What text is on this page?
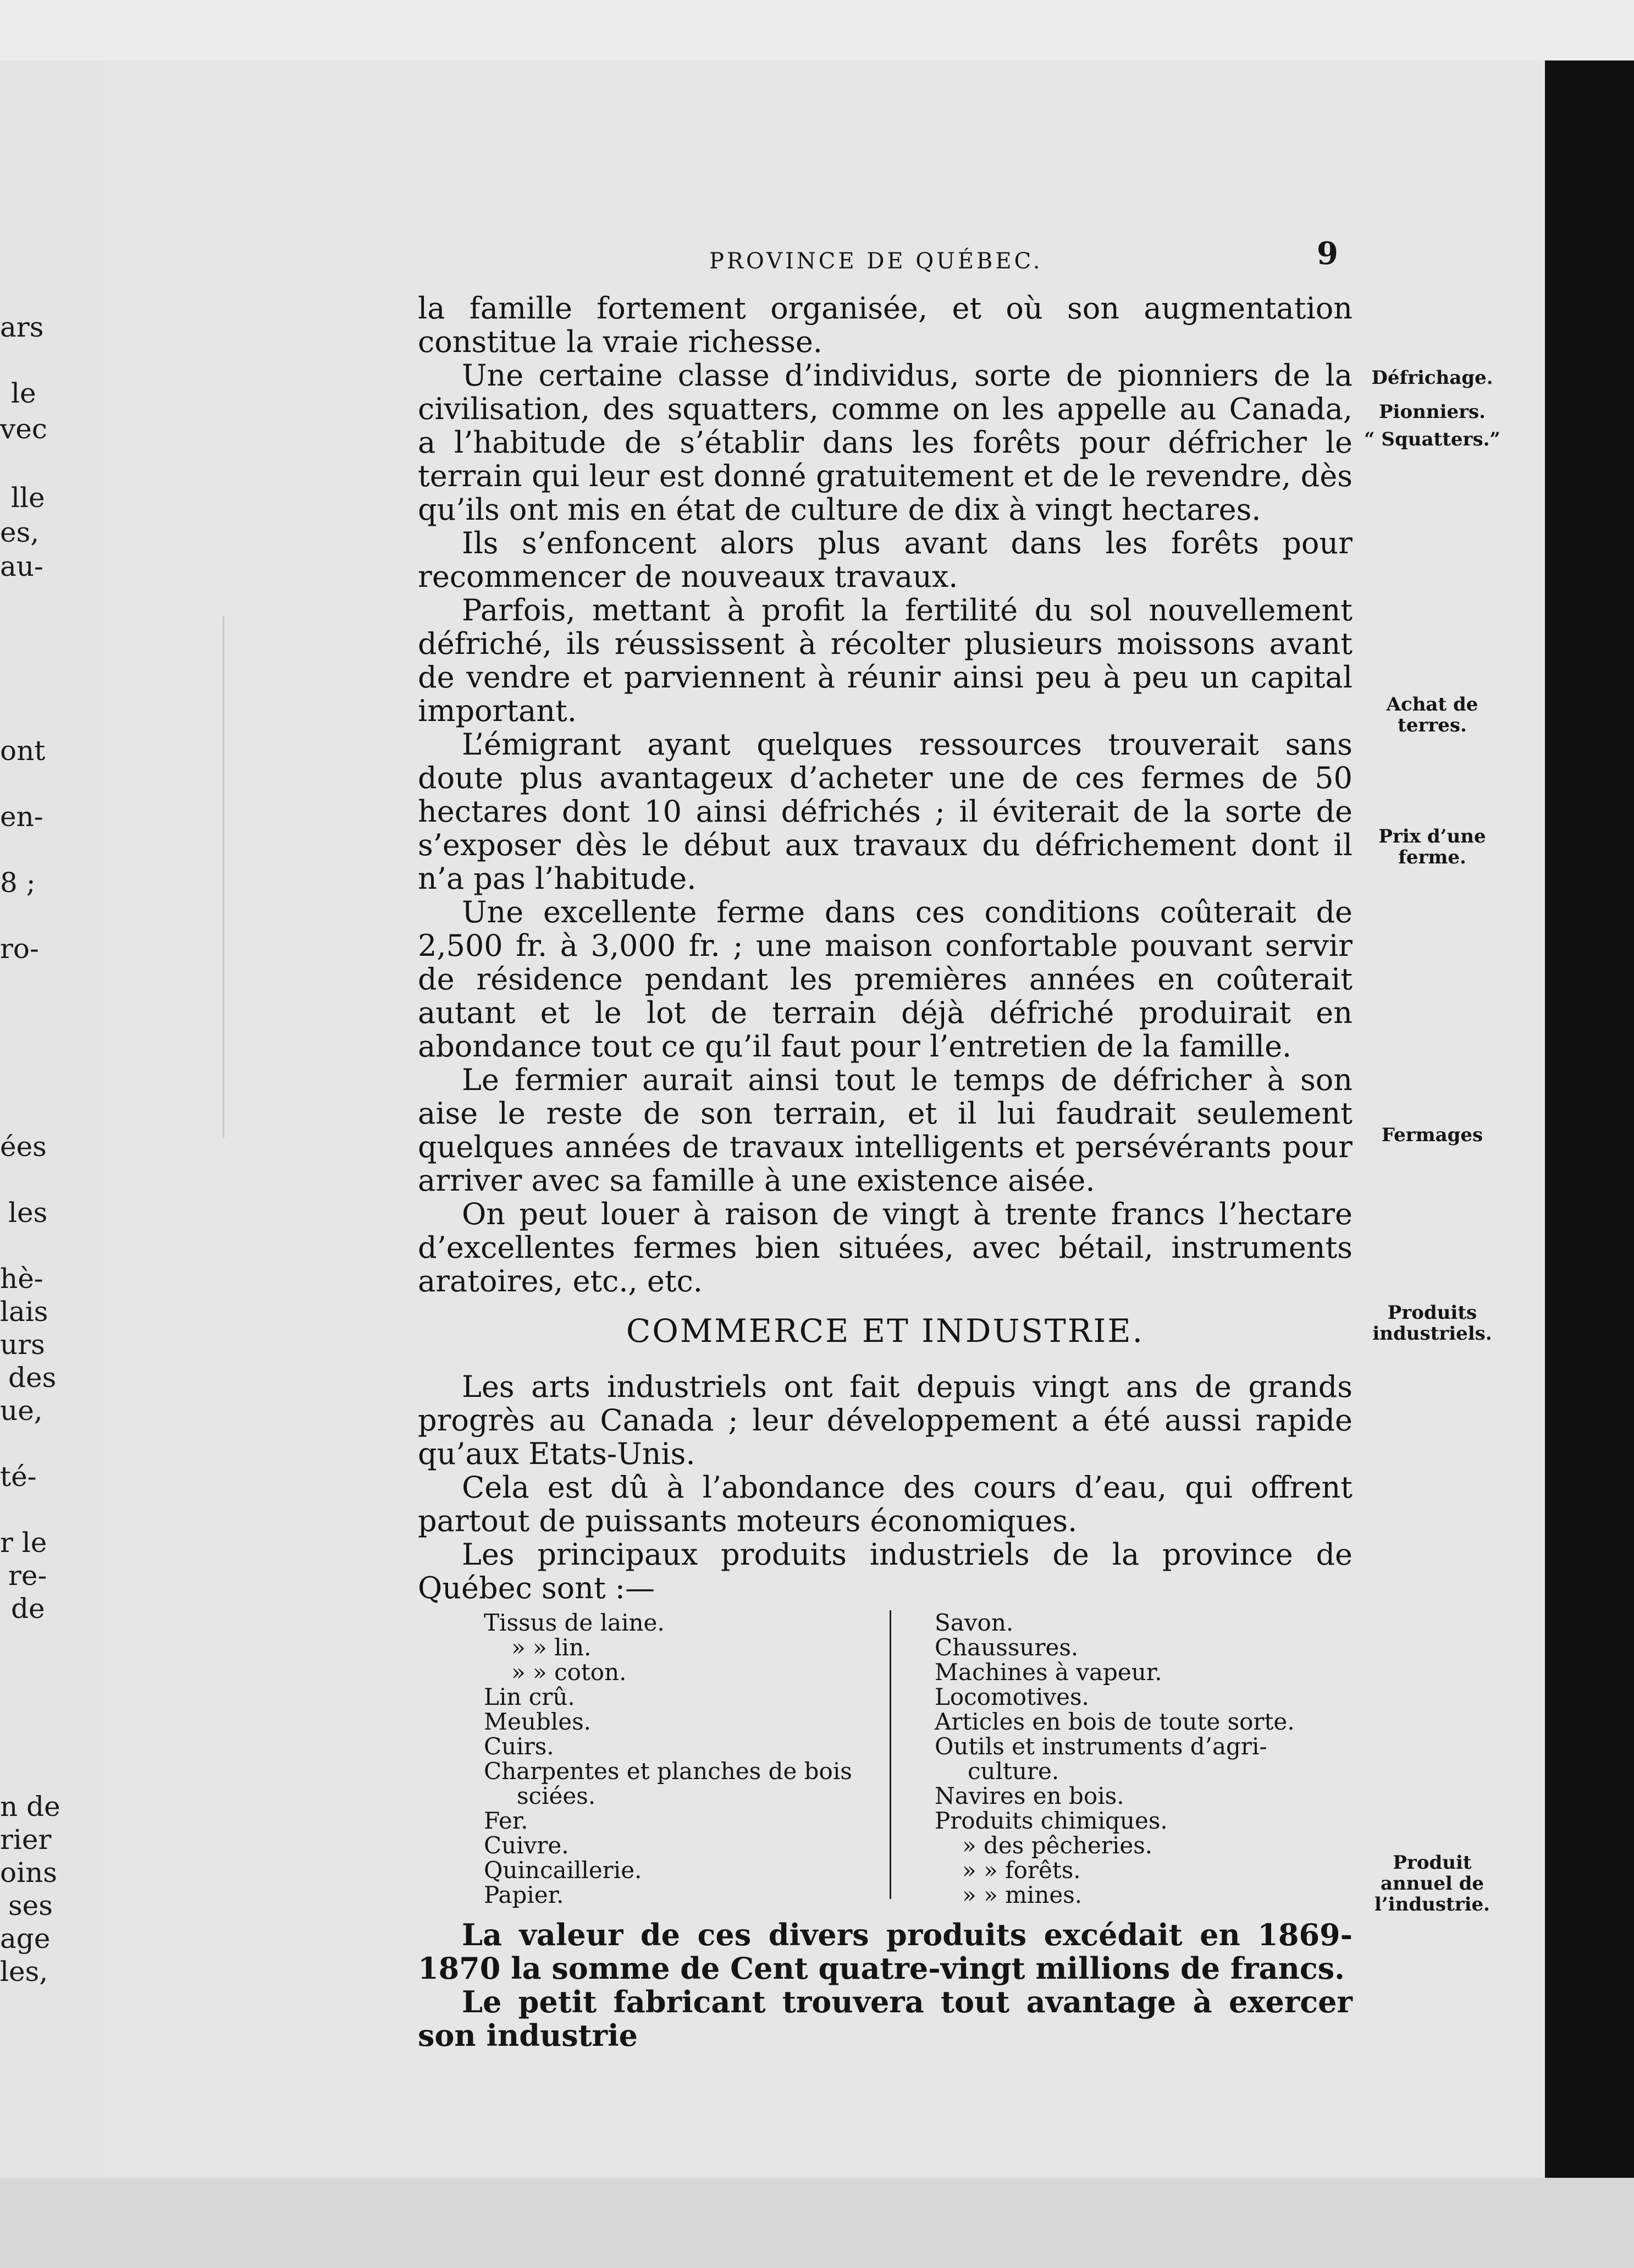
ars
le
vec
lle
es,
au-
ont
en-
8 ;
ro-
ées
les
hè-
lais
urs
des
ue,
té-
r le
re-
de
n de
rier
oins
ses
age
les,
PROVINCE DE QUÉBEC.	9

la famille fortement organisée, et où son augmentation constitue la vraie richesse.

Une certaine classe d’individus, sorte de pionniers de la civilisation, des squatters, comme on les appelle au Canada, a l’habitude de s’établir dans les forêts pour défricher le terrain qui leur est donné gratuitement et de le revendre, dès qu’ils ont mis en état de culture de dix à vingt hectares.

Ils s’enfoncent alors plus avant dans les forêts pour recommencer de nouveaux travaux.

Parfois, mettant à profit la fertilité du sol nouvellement défriché, ils réussissent à récolter plusieurs moissons avant de vendre et parviennent à réunir ainsi peu à peu un capital important.

L’émigrant ayant quelques ressources trouverait sans doute plus avantageux d’acheter une de ces fermes de 50 hectares dont 10 ainsi défrichés ; il éviterait de la sorte de s’exposer dès le début aux travaux du défrichement dont il n’a pas l’habitude.

Une excellente ferme dans ces conditions coûterait de 2,500 fr. à 3,000 fr. ; une maison confortable pouvant servir de résidence pendant les premières années en coûterait autant et le lot de terrain déjà défriché produirait en abondance tout ce qu’il faut pour l’entretien de la famille.

Le fermier aurait ainsi tout le temps de défricher à son aise le reste de son terrain, et il lui faudrait seulement quelques années de travaux intelligents et persévérants pour arriver avec sa famille à une existence aisée.

On peut louer à raison de vingt à trente francs l’hectare d’excellentes fermes bien situées, avec bétail, instruments aratoires, etc., etc.

COMMERCE ET INDUSTRIE.

Les arts industriels ont fait depuis vingt ans de grands progrès au Canada ; leur développement a été aussi rapide qu’aux Etats-Unis.

Cela est dû à l’abondance des cours d’eau, qui offrent partout de puissants moteurs économiques.

Les principaux produits industriels de la province de Québec sont :—

Tissus de laine.
» » lin.
» » coton.
Lin crû.
Meubles.
Cuirs.
Charpentes et planches de bois
sciées.
Fer.
Cuivre.
Quincaillerie.
Papier.
Savon.
Chaussures.
Machines à vapeur.
Locomotives.
Articles en bois de toute sorte.
Outils et instruments d’agri-
culture.
Navires en bois.
Produits chimiques.
» des pêcheries.
» » forêts.
» » mines.

La valeur de ces divers produits excédait en 1869-1870 la somme de Cent quatre-vingt millions de francs.

Le petit fabricant trouvera tout avantage à exercer son industrie

Défrichage.
Pionniers.
“ Squatters.”
Achat de terres.
Prix d’une ferme.
Fermages
Produits industriels.
Produit annuel de l’industrie.
